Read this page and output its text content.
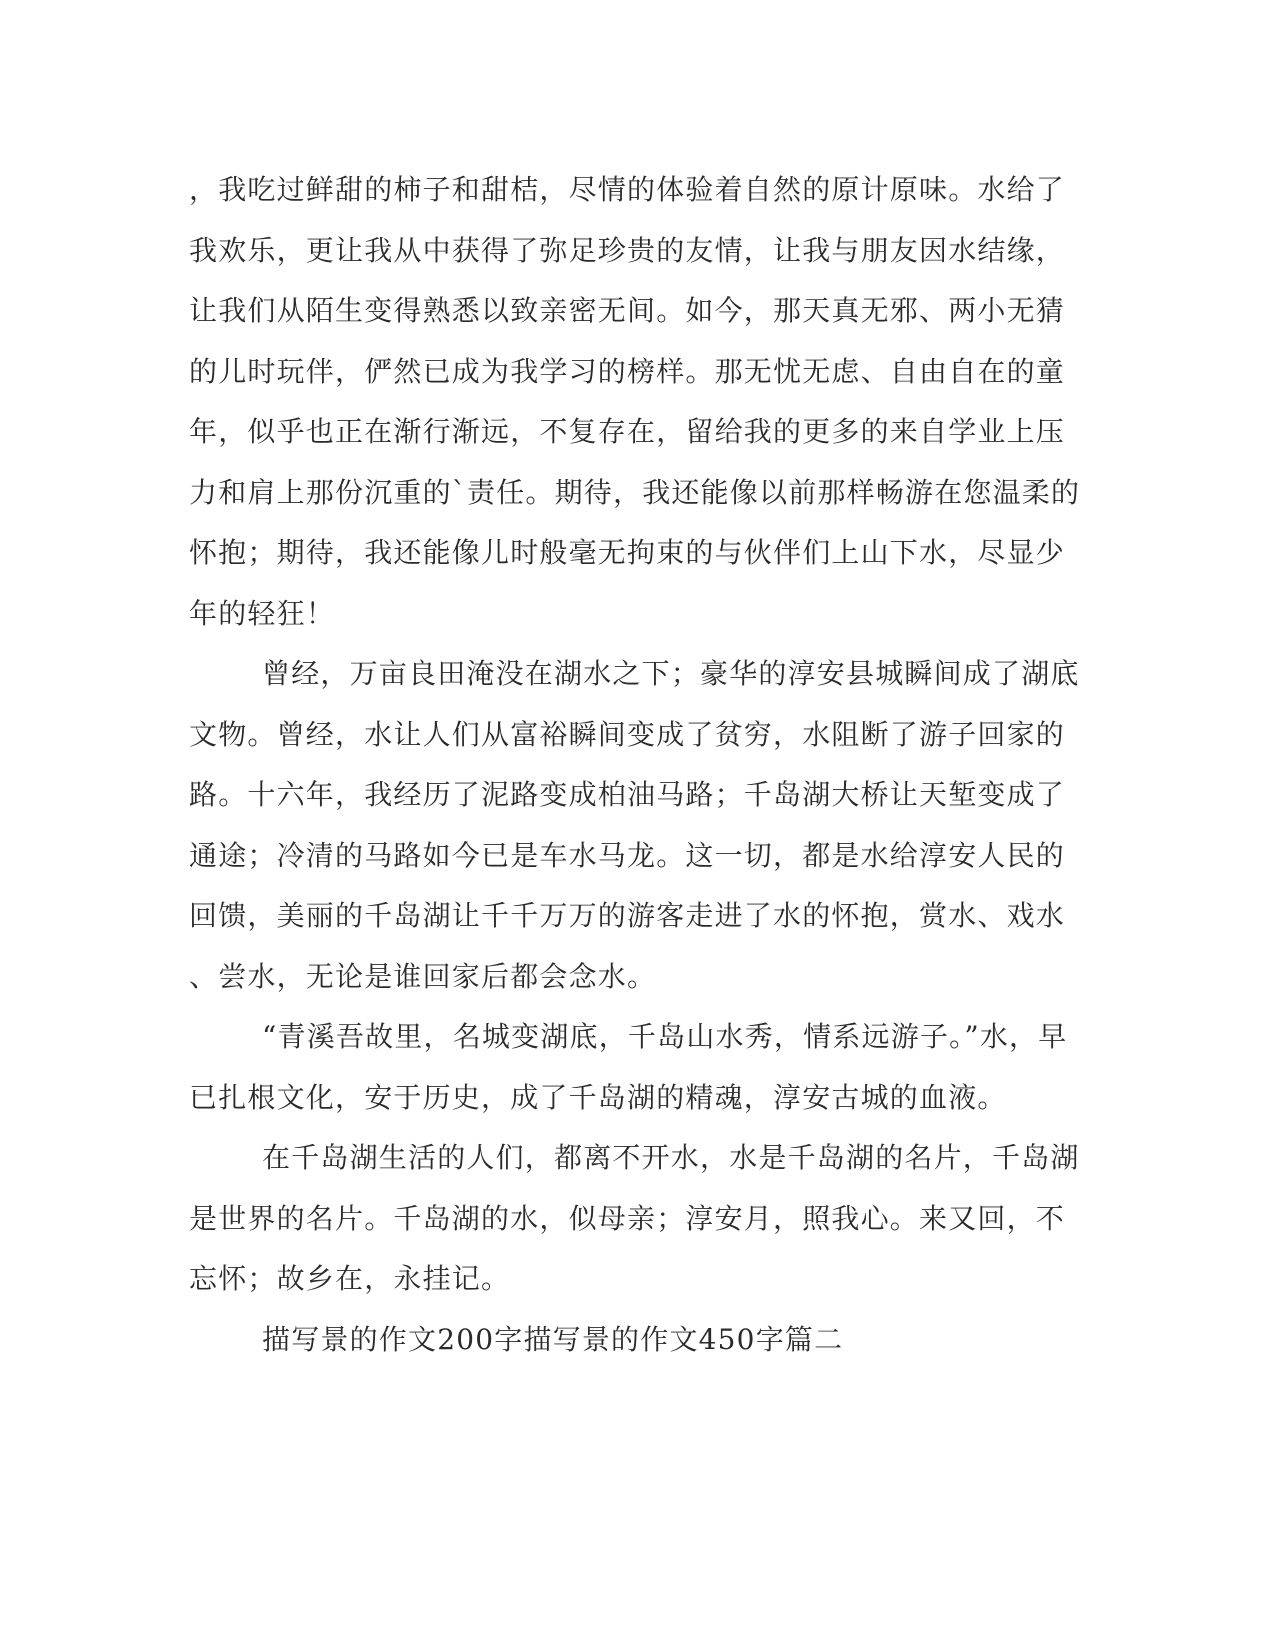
，我吃过鲜甜的柿子和甜桔，尽情的体验着自然的原计原味。水给了
我欢乐，更让我从中获得了弥足珍贵的友情，让我与朋友因水结缘，
让我们从陌生变得熟悉以致亲密无间。如今，那天真无邪、两小无猜
的儿时玩伴，俨然已成为我学习的榜样。那无忧无虑、自由自在的童
年，似乎也正在渐行渐远，不复存在，留给我的更多的来自学业上压
力和肩上那份沉重的`责任。期待，我还能像以前那样畅游在您温柔的
怀抱；期待，我还能像儿时般毫无拘束的与伙伴们上山下水，尽显少
年的轻狂！

曾经，万亩良田淹没在湖水之下；豪华的淳安县城瞬间成了湖底
文物。曾经，水让人们从富裕瞬间变成了贫穷，水阻断了游子回家的
路。十六年，我经历了泥路变成柏油马路；千岛湖大桥让天堑变成了
通途；冷清的马路如今已是车水马龙。这一切，都是水给淳安人民的
回馈，美丽的千岛湖让千千万万的游客走进了水的怀抱，赏水、戏水
、尝水，无论是谁回家后都会念水。

“青溪吾故里，名城变湖底，千岛山水秀，情系远游子。”水，早
已扎根文化，安于历史，成了千岛湖的精魂，淳安古城的血液。

在千岛湖生活的人们，都离不开水，水是千岛湖的名片，千岛湖
是世界的名片。千岛湖的水，似母亲；淳安月，照我心。来又回，不
忘怀；故乡在，永挂记。

描写景的作文200字描写景的作文450字篇二
